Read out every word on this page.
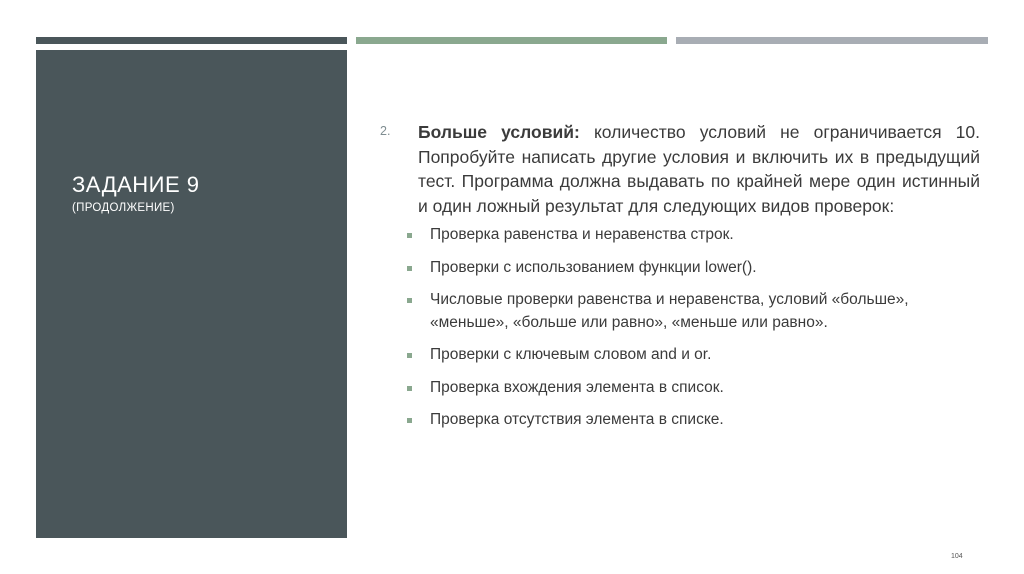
ЗАДАНИЕ 9
(ПРОДОЛЖЕНИЕ)
2. Больше условий: количество условий не ограничивается 10. Попробуйте написать другие условия и включить их в предыдущий тест. Программа должна выдавать по крайней мере один истинный и один ложный результат для следующих видов проверок:
Проверка равенства и неравенства строк.
Проверки с использованием функции lower().
Числовые проверки равенства и неравенства, условий «больше», «меньше», «больше или равно», «меньше или равно».
Проверки с ключевым словом and и or.
Проверка вхождения элемента в список.
Проверка отсутствия элемента в списке.
104
